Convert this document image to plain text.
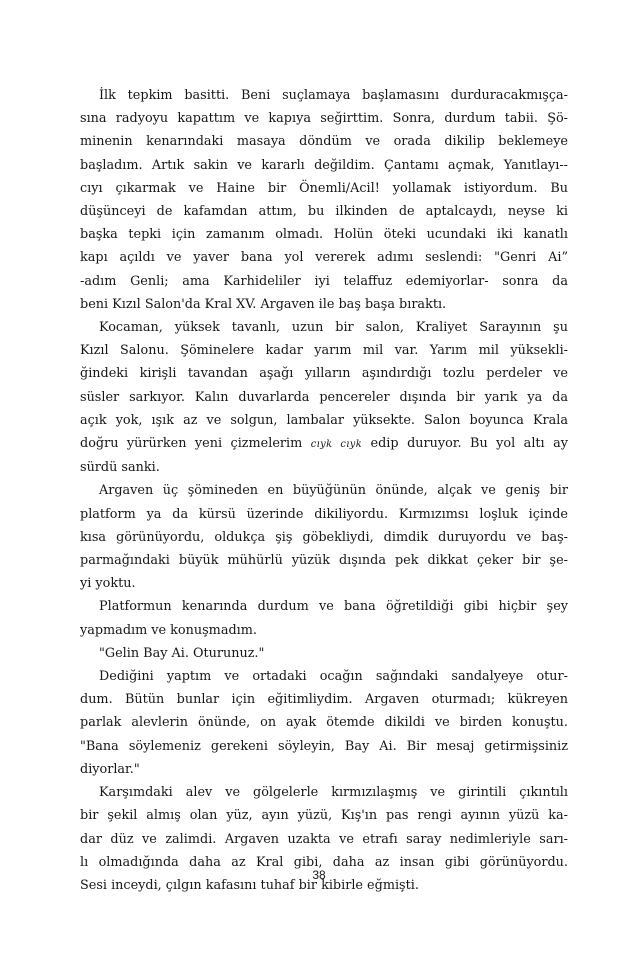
İlk tepkim basitti. Beni suçlamaya başlamasını durduracakmışça-
sına radyoyu kapattım ve kapıya seğirttim. Sonra, durdum tabii. Şö-
minenin kenarındaki masaya döndüm ve orada dikilip beklemeye
başladım. Artık sakin ve kararlı değildim. Çantamı açmak, Yanıtlayı--
cıyı çıkarmak ve Haine bir Önemli/Acil! yollamak istiyordum. Bu
düşünceyi de kafamdan attım, bu ilkinden de aptalcaydı, neyse ki
başka tepki için zamanım olmadı. Holün öteki ucundaki iki kanatlı
kapı açıldı ve yaver bana yol vererek adımı seslendi: "Genri Ai”
-adım Genli; ama Karhideliler iyi telaffuz edemiyorlar- sonra da
beni Kızıl Salon'da Kral XV. Argaven ile baş başa bıraktı.
Kocaman, yüksek tavanlı, uzun bir salon, Kraliyet Sarayının şu
Kızıl Salonu. Şöminelere kadar yarım mil var. Yarım mil yüksekli-
ğindeki kirişli tavandan aşağı yılların aşındırdığı tozlu perdeler ve
süsler sarkıyor. Kalın duvarlarda pencereler dışında bir yarık ya da
açık yok, ışık az ve solgun, lambalar yüksekte. Salon boyunca Krala
doğru yürürken yeni çizmelerim cıyk cıyk edip duruyor. Bu yol altı ay
sürdü sanki.
Argaven üç şömineden en büyüğünün önünde, alçak ve geniş bir
platform ya da kürsü üzerinde dikiliyordu. Kırmızımsı loşluk içinde
kısa görünüyordu, oldukça şiş göbekliydi, dimdik duruyordu ve baş-
parmağındaki büyük mühürlü yüzük dışında pek dikkat çeker bir şe-
yi yoktu.
Platformun kenarında durdum ve bana öğretildiği gibi hiçbir şey
yapmadım ve konuşmadım.
"Gelin Bay Ai. Oturunuz."
Dediğini yaptım ve ortadaki ocağın sağındaki sandalyeye otur-
dum. Bütün bunlar için eğitimliydim. Argaven oturmadı; kükreyen
parlak alevlerin önünde, on ayak ötemde dikildi ve birden konuştu.
"Bana söylemeniz gerekeni söyleyin, Bay Ai. Bir mesaj getirmişsiniz
diyorlar."
Karşımdaki alev ve gölgelerle kırmızılaşmış ve girintili çıkıntılı
bir şekil almış olan yüz, ayın yüzü, Kış'ın pas rengi ayının yüzü ka-
dar düz ve zalimdi. Argaven uzakta ve etrafı saray nedimleriyle sarı-
lı olmadığında daha az Kral gibi, daha az insan gibi görünüyordu.
Sesi inceydi, çılgın kafasını tuhaf bir kibirle eğmişti.
38
